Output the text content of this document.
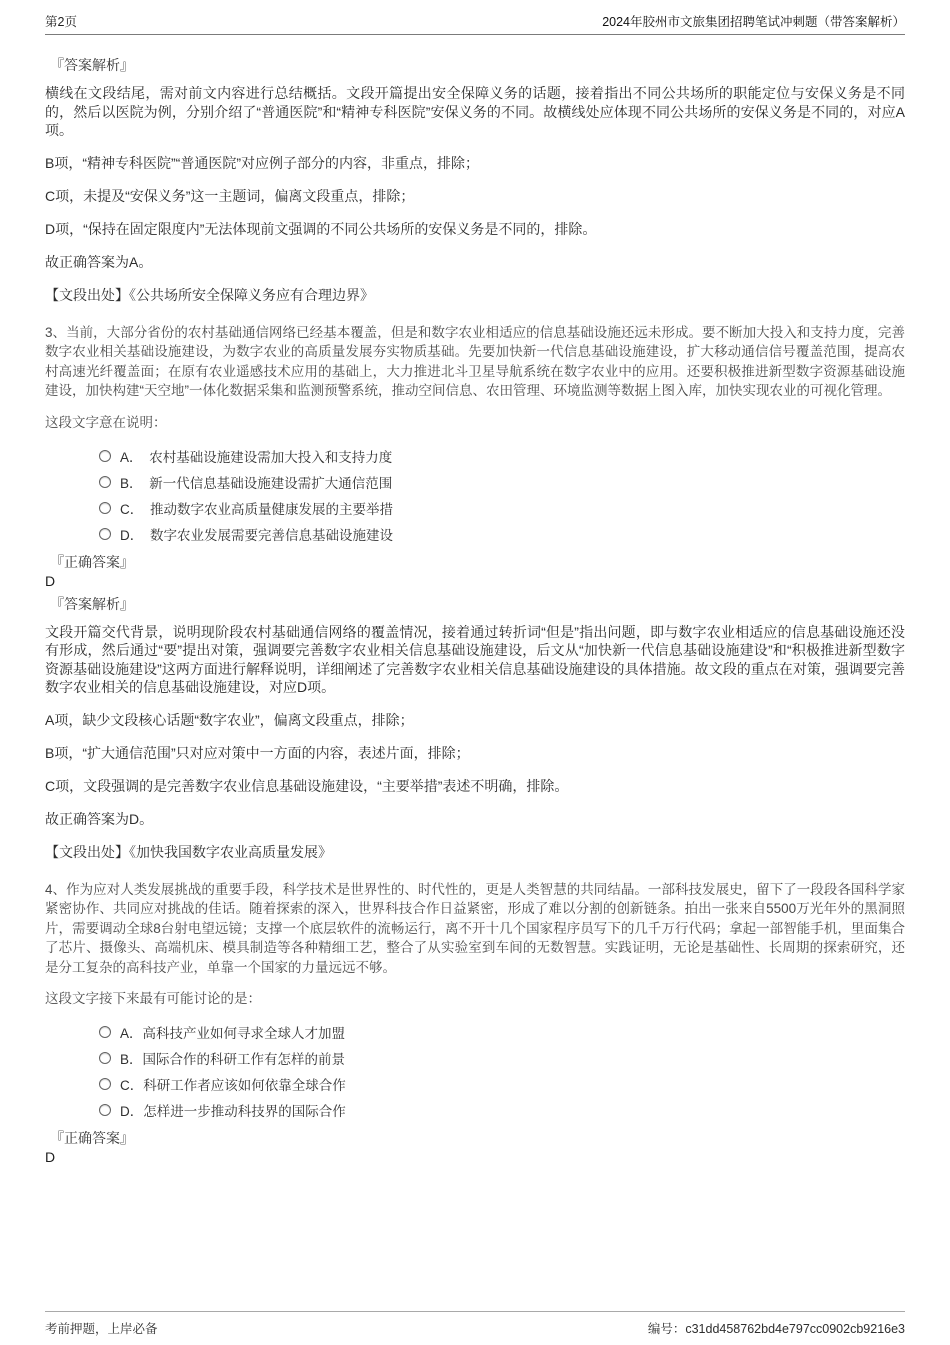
第2页	2024年胶州市文旅集团招聘笔试冲刺题（带答案解析）
『答案解析』
横线在文段结尾，需对前文内容进行总结概括。文段开篇提出安全保障义务的话题，接着指出不同公共场所的职能定位与安保义务是不同的，然后以医院为例，分别介绍了“普通医院”和“精神专科医院”安保义务的不同。故横线处应体现不同公共场所的安保义务是不同的，对应A项。
B项，“精神专科医院”“普通医院”对应例子部分的内容，非重点，排除；
C项，未提及“安保义务”这一主题词，偏离文段重点，排除；
D项，“保持在固定限度内”无法体现前文强调的不同公共场所的安保义务是不同的，排除。
故正确答案为A。
【文段出处】《公共场所安全保障义务应有合理边界》
3、当前，大部分省份的农村基础通信网络已经基本覆盖，但是和数字农业相适应的信息基础设施还远未形成。要不断加大投入和支持力度，完善数字农业相关基础设施建设，为数字农业的高质量发展夯实物质基础。先要加快新一代信息基础设施建设，扩大移动通信信号覆盖范围，提高农村高速光纤覆盖面；在原有农业遥感技术应用的基础上，大力推进北斗卫星导航系统在数字农业中的应用。还要积极推进新型数字资源基础设施建设，加快构建“天空地”一体化数据采集和监测预警系统，推动空间信息、农田管理、环境监测等数据上图入库，加快实现农业的可视化管理。
这段文字意在说明：
A．　农村基础设施建设需加大投入和支持力度
B．　新一代信息基础设施建设需扩大通信范围
C．　推动数字农业高质量健康发展的主要举措
D．　数字农业发展需要完善信息基础设施建设
『正确答案』
D
『答案解析』
文段开篇交代背景，说明现阶段农村基础通信网络的覆盖情况，接着通过转折词“但是”指出问题，即与数字农业相适应的信息基础设施还没有形成，然后通过“要”提出对策，强调要完善数字农业相关信息基础设施建设，后文从“加快新一代信息基础设施建设”和“积极推进新型数字资源基础设施建设”这两方面进行解释说明，详细阐述了完善数字农业相关信息基础设施建设的具体措施。故文段的重点在对策，强调要完善数字农业相关的信息基础设施建设，对应D项。
A项，缺少文段核心话题“数字农业”，偏离文段重点，排除；
B项，“扩大通信范围”只对应对策中一方面的内容，表述片面，排除；
C项，文段强调的是完善数字农业信息基础设施建设，“主要举措”表述不明确，排除。
故正确答案为D。
【文段出处】《加快我国数字农业高质量发展》
4、作为应对人类发展挑战的重要手段，科学技术是世界性的、时代性的，更是人类智慧的共同结晶。一部科技发展史，留下了一段段各国科学家紧密协作、共同应对挑战的佳话。随着探索的深入，世界科技合作日益紧密，形成了难以分割的创新链条。拍出一张来自5500万光年外的黑洞照片，需要调动全球8台射电望远镜；支撑一个底层软件的流畅运行，离不开十几个国家程序员写下的几千万行代码；拿起一部智能手机，里面集合了芯片、摄像头、高端机床、模具制造等各种精细工艺，整合了从实验室到车间的无数智慧。实践证明，无论是基础性、长周期的探索研究，还是分工复杂的高科技产业，单靠一个国家的力量远远不够。
这段文字接下来最有可能讨论的是：
A．高科技产业如何寻求全球人才加盟
B．国际合作的科研工作有怎样的前景
C．科研工作者应该如何依靠全球合作
D．怎样进一步推动科技界的国际合作
『正确答案』
D
考前押题，上岸必备	编号：c31dd458762bd4e797cc0902cb9216e3
